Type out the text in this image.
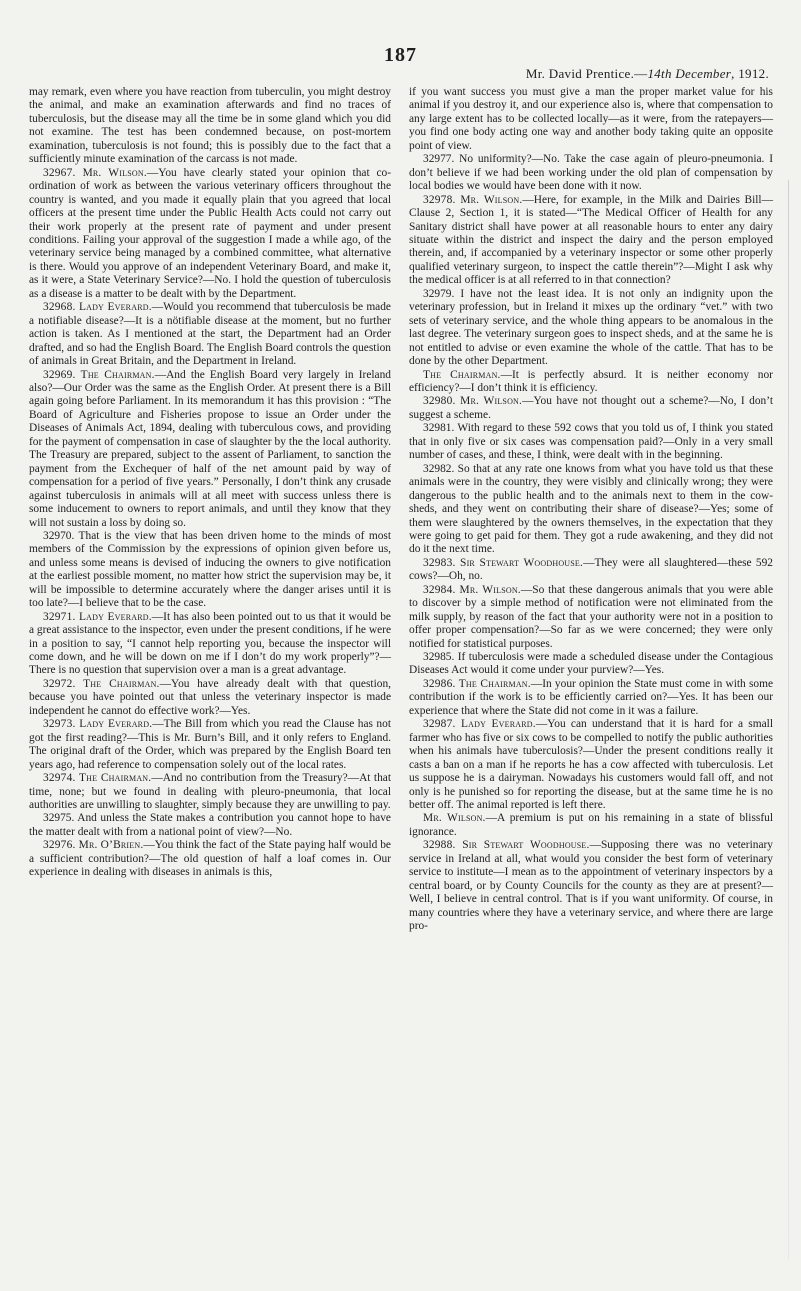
187
Mr. David Prentice.—14th December, 1912.

may remark, even where you have reaction from tuberculin, you might destroy the animal, and make an examination afterwards and find no traces of tuberculosis, but the disease may all the time be in some gland which you did not examine. The test has been condemned because, on post-mortem examination, tuberculosis is not found; this is possibly due to the fact that a sufficiently minute examination of the carcass is not made.

32967. Mr. Wilson.—You have clearly stated your opinion that co-ordination of work as between the various veterinary officers throughout the country is wanted, and you made it equally plain that you agreed that local officers at the present time under the Public Health Acts could not carry out their work properly at the present rate of payment and under present conditions. Failing your approval of the suggestion I made a while ago, of the veterinary service being managed by a combined committee, what alternative is there. Would you approve of an independent Veterinary Board, and make it, as it were, a State Veterinary Service?—No. I hold the question of tuberculosis as a disease is a matter to be dealt with by the Department.

32968. Lady Everard.—Would you recommend that tuberculosis be made a notifiable disease?—It is a nötifiable disease at the moment, but no further action is taken. As I mentioned at the start, the Department had an Order drafted, and so had the English Board. The English Board controls the question of animals in Great Britain, and the Department in Ireland.

32969. The Chairman.—And the English Board very largely in Ireland also?—Our Order was the same as the English Order. At present there is a Bill again going before Parliament. In its memorandum it has this provision : “The Board of Agriculture and Fisheries propose to issue an Order under the Diseases of Animals Act, 1894, dealing with tuberculous cows, and providing for the payment of compensation in case of slaughter by the the local authority. The Treasury are prepared, subject to the assent of Parliament, to sanction the payment from the Exchequer of half of the net amount paid by way of compensation for a period of five years.” Personally, I don’t think any crusade against tuberculosis in animals will at all meet with success unless there is some inducement to owners to report animals, and until they know that they will not sustain a loss by doing so.

32970. That is the view that has been driven home to the minds of most members of the Commission by the expressions of opinion given before us, and unless some means is devised of inducing the owners to give notification at the earliest possible moment, no matter how strict the supervision may be, it will be impossible to determine accurately where the danger arises until it is too late?—I believe that to be the case.

32971. Lady Everard.—It has also been pointed out to us that it would be a great assistance to the inspector, even under the present conditions, if he were in a position to say, “I cannot help reporting you, because the inspector will come down, and he will be down on me if I don’t do my work properly”?—There is no question that supervision over a man is a great advantage.

32972. The Chairman.—You have already dealt with that question, because you have pointed out that unless the veterinary inspector is made independent he cannot do effective work?—Yes.

32973. Lady Everard.—The Bill from which you read the Clause has not got the first reading?—This is Mr. Burn’s Bill, and it only refers to England. The original draft of the Order, which was prepared by the English Board ten years ago, had reference to compensation solely out of the local rates.

32974. The Chairman.—And no contribution from the Treasury?—At that time, none; but we found in dealing with pleuro-pneumonia, that local authorities are unwilling to slaughter, simply because they are unwilling to pay.

32975. And unless the State makes a contribution you cannot hope to have the matter dealt with from a national point of view?—No.

32976. Mr. O’Brien.—You think the fact of the State paying half would be a sufficient contribution?—The old question of half a loaf comes in. Our experience in dealing with diseases in animals is this,

if you want success you must give a man the proper market value for his animal if you destroy it, and our experience also is, where that compensation to any large extent has to be collected locally—as it were, from the ratepayers—you find one body acting one way and another body taking quite an opposite point of view.

32977. No uniformity?—No. Take the case again of pleuro-pneumonia. I don’t believe if we had been working under the old plan of compensation by local bodies we would have been done with it now.

32978. Mr. Wilson.—Here, for example, in the Milk and Dairies Bill—Clause 2, Section 1, it is stated—“The Medical Officer of Health for any Sanitary district shall have power at all reasonable hours to enter any dairy situate within the district and inspect the dairy and the person employed therein, and, if accompanied by a veterinary inspector or some other properly qualified veterinary surgeon, to inspect the cattle therein”?—Might I ask why the medical officer is at all referred to in that connection?

32979. I have not the least idea. It is not only an indignity upon the veterinary profession, but in Ireland it mixes up the ordinary “vet.” with two sets of veterinary service, and the whole thing appears to be anomalous in the last degree. The veterinary surgeon goes to inspect sheds, and at the same he is not entitled to advise or even examine the whole of the cattle. That has to be done by the other Department.

The Chairman.—It is perfectly absurd. It is neither economy nor efficiency?—I don’t think it is efficiency.

32980. Mr. Wilson.—You have not thought out a scheme?—No, I don’t suggest a scheme.

32981. With regard to these 592 cows that you told us of, I think you stated that in only five or six cases was compensation paid?—Only in a very small number of cases, and these, I think, were dealt with in the beginning.

32982. So that at any rate one knows from what you have told us that these animals were in the country, they were visibly and clinically wrong; they were dangerous to the public health and to the animals next to them in the cow-sheds, and they went on contributing their share of disease?—Yes; some of them were slaughtered by the owners themselves, in the expectation that they were going to get paid for them. They got a rude awakening, and they did not do it the next time.

32983. Sir Stewart Woodhouse.—They were all slaughtered—these 592 cows?—Oh, no.

32984. Mr. Wilson.—So that these dangerous animals that you were able to discover by a simple method of notification were not eliminated from the milk supply, by reason of the fact that your authority were not in a position to offer proper compensation?—So far as we were concerned; they were only notified for statistical purposes.

32985. If tuberculosis were made a scheduled disease under the Contagious Diseases Act would it come under your purview?—Yes.

32986. The Chairman.—In your opinion the State must come in with some contribution if the work is to be efficiently carried on?—Yes. It has been our experience that where the State did not come in it was a failure.

32987. Lady Everard.—You can understand that it is hard for a small farmer who has five or six cows to be compelled to notify the public authorities when his animals have tuberculosis?—Under the present conditions really it casts a ban on a man if he reports he has a cow affected with tuberculosis. Let us suppose he is a dairyman. Nowadays his customers would fall off, and not only is he punished so for reporting the disease, but at the same time he is no better off. The animal reported is left there.

Mr. Wilson.—A premium is put on his remaining in a state of blissful ignorance.

32988. Sir Stewart Woodhouse.—Supposing there was no veterinary service in Ireland at all, what would you consider the best form of veterinary service to institute—I mean as to the appointment of veterinary inspectors by a central board, or by County Councils for the county as they are at present?—Well, I believe in central control. That is if you want uniformity. Of course, in many countries where they have a veterinary service, and where there are large pro-
